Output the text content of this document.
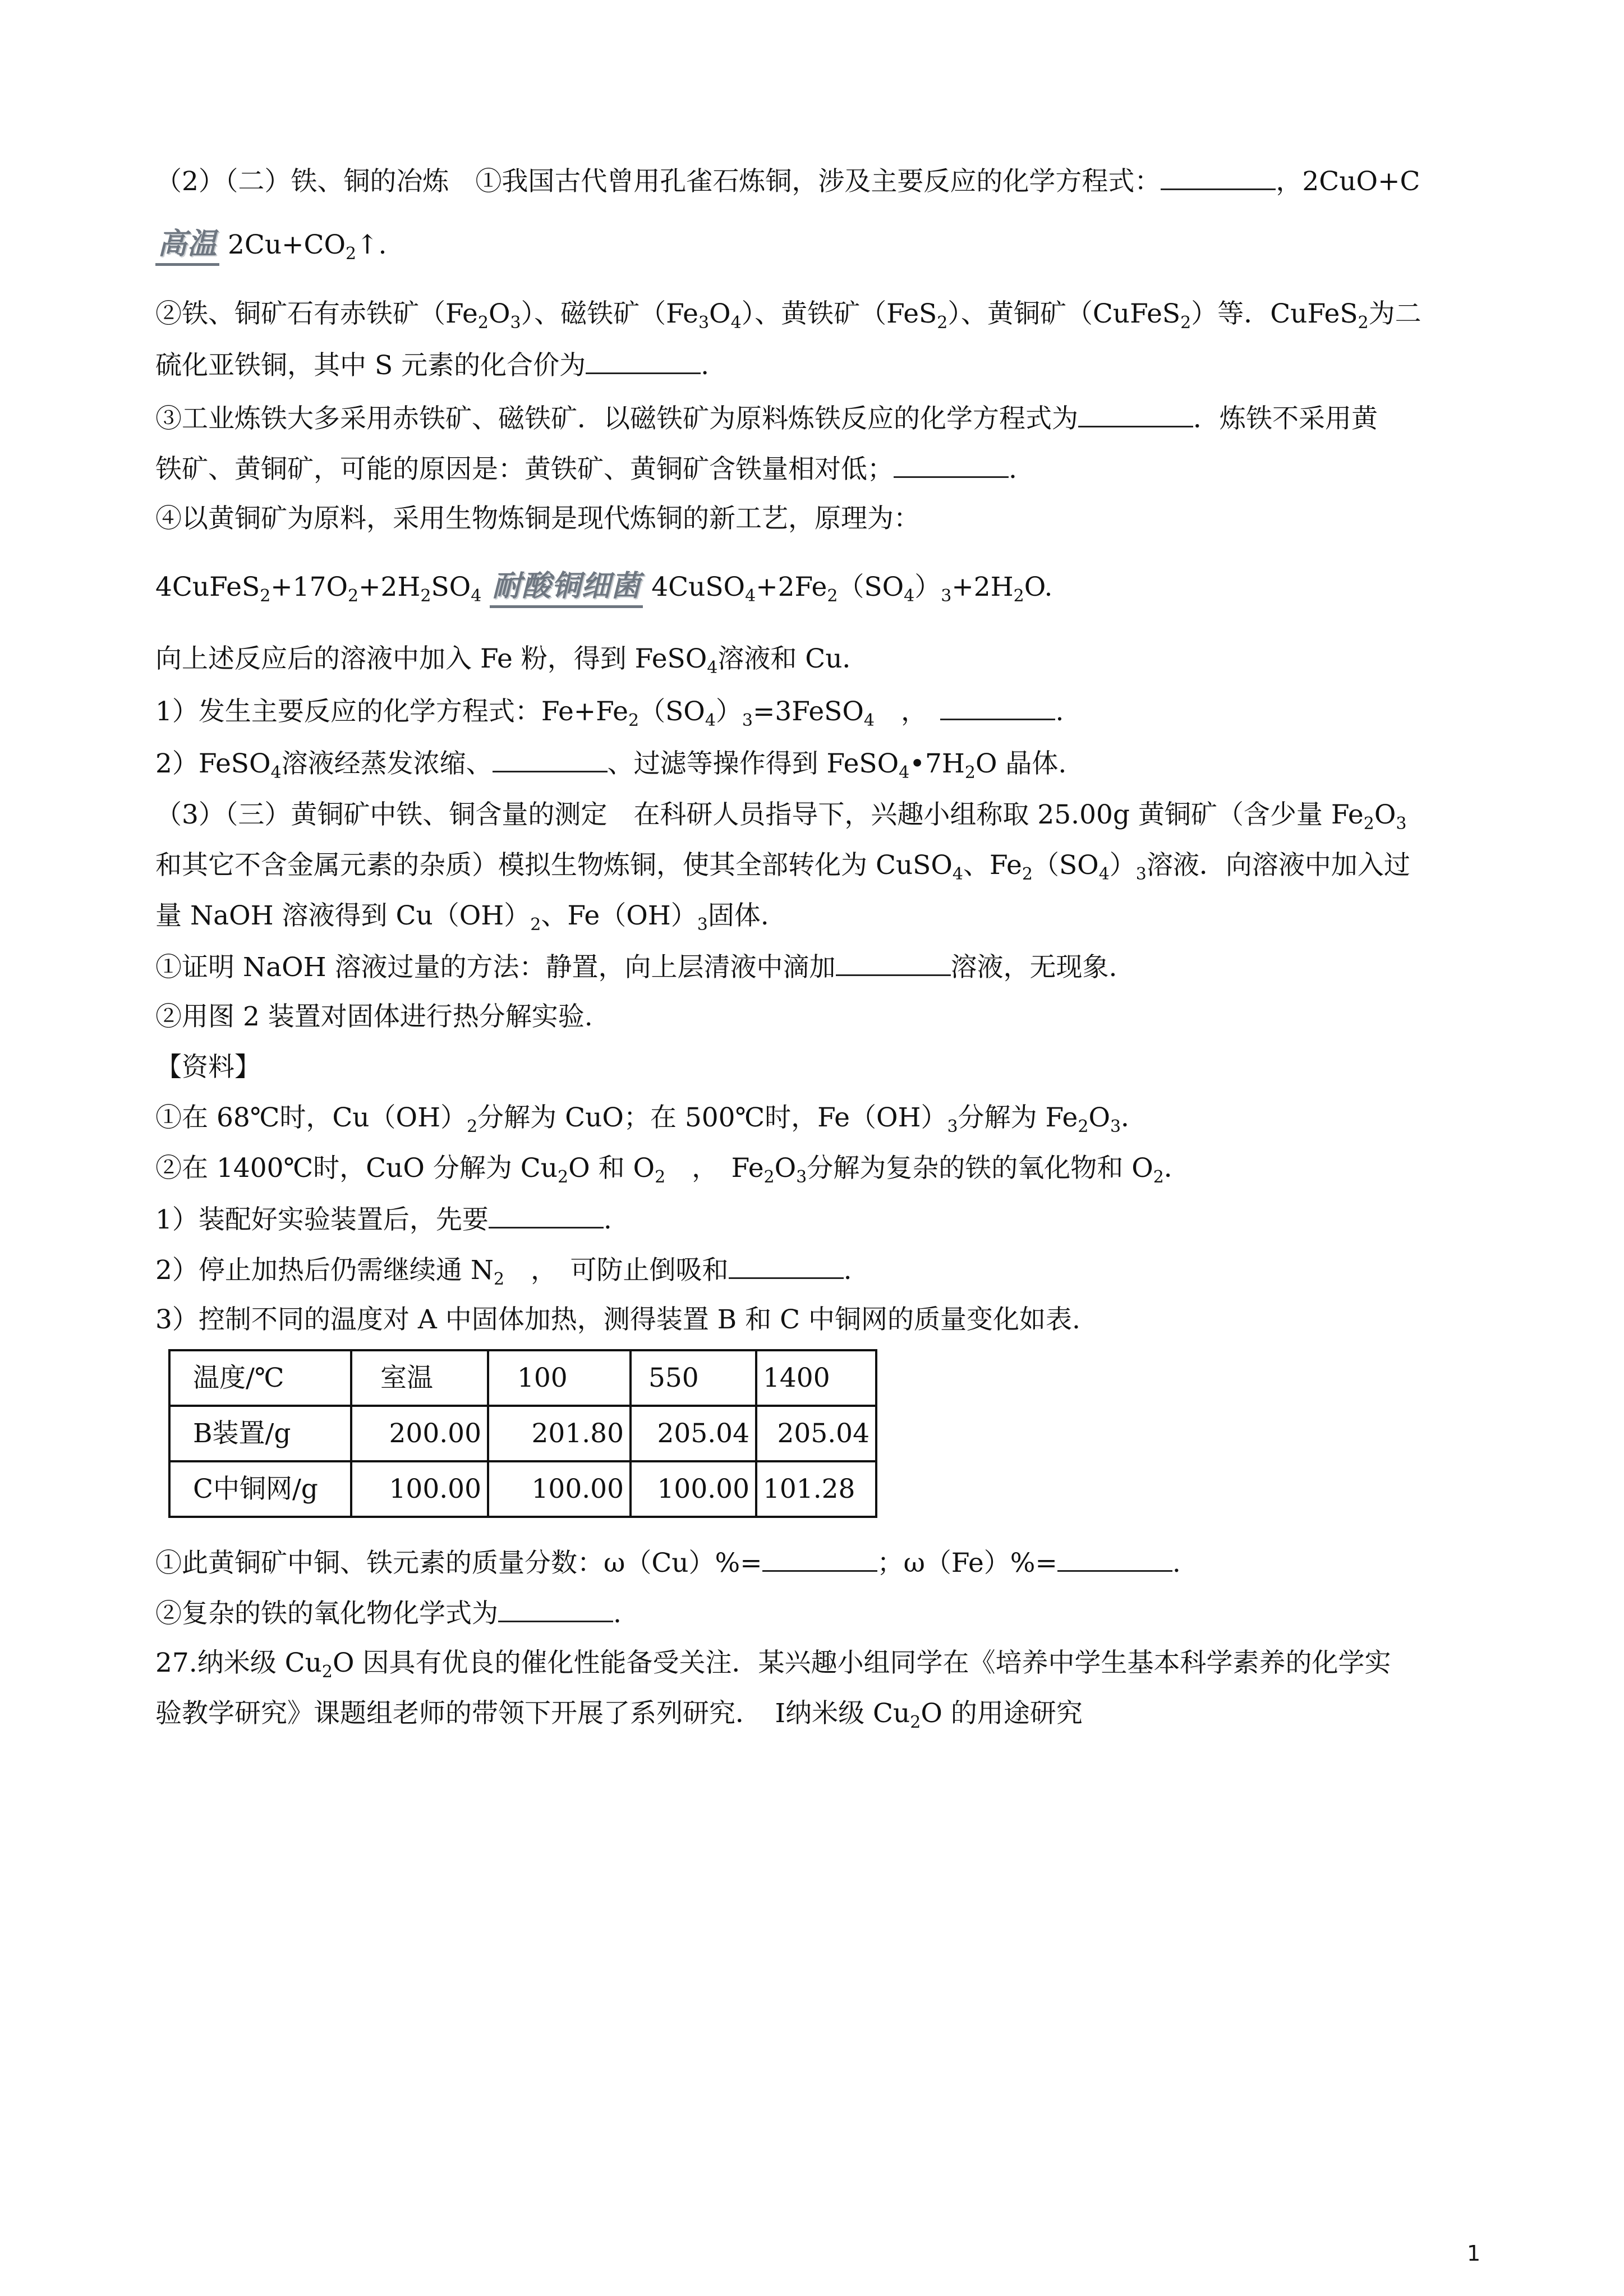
（2）（二）铁、铜的冶炼　①我国古代曾用孔雀石炼铜，涉及主要反应的化学方程式：	，2CuO+C
高温 $2Cu+CO_2↑$.
②铁、铜矿石有赤铁矿$(Fe_2O_3)$、磁铁矿$(Fe_3O_4)$、黄铁矿（FeS$_2$）、黄铜矿（CuFeS$_2$）等．CuFeS$_2$为二
硫化亚铁铜，其中 S 元素的化合价为	.
③工业炼铁大多采用赤铁矿、磁铁矿．以磁铁矿为原料炼铁反应的化学方程式为	．炼铁不采用黄
铁矿、黄铜矿，可能的原因是：黄铁矿、黄铜矿含铁量相对低；	.
④以黄铜矿为原料，采用生物炼铜是现代炼铜的新工艺，原理为：
$4CuFeS_2+17O_2+2H_2SO_4$ 耐酸铜细菌 $4CuSO_4+2Fe_2(SO_4)_3+2H_2O$.
向上述反应后的溶液中加入 Fe 粉，得到 FeSO$_4$溶液和 Cu．
1）发生主要反应的化学方程式：$Fe+Fe_2(SO_4)_3=3FeSO_4$　，　	.
2）FeSO$_4$溶液经蒸发浓缩、	、过滤等操作得到 $FeSO_4•7H_2O$ 晶体.
（3）（三）黄铜矿中铁、铜含量的测定　在科研人员指导下，兴趣小组称取 25.00g 黄铜矿（含少量 $Fe_2O_3$
和其它不含金属元素的杂质）模拟生物炼铜，使其全部转化为 CuSO$_4$、$Fe_2(SO_4)_3$溶液．向溶液中加入过
量 NaOH 溶液得到 $Cu(OH)_2$、$Fe(OH)_3$固体.
①证明 NaOH 溶液过量的方法：静置，向上层清液中滴加	溶液，无现象.
②用图 2 装置对固体进行热分解实验.
【资料】
①在 68℃时，$Cu(OH)_2$分解为 CuO；在 500℃时，$Fe(OH)_3$分解为 $Fe_2O_3$．
②在 1400℃时，CuO 分解为 $Cu_2O$ 和 $O_2$　，　$Fe_2O_3$分解为复杂的铁的氧化物和 $O_2$．
1）装配好实验装置后，先要	.
2）停止加热后仍需继续通 $N_2$　，　可防止倒吸和	.
3）控制不同的温度对 A 中固体加热，测得装置 B 和 C 中铜网的质量变化如表.
温度/℃	室温	100	550	1400
B装置/g	200.00	201.80	205.04	205.04
C中铜网/g	100.00	100.00	100.00	101.28
①此黄铜矿中铜、铁元素的质量分数：ω（Cu）%=	；ω（Fe）%=	.
②复杂的铁的氧化物化学式为	.
27.纳米级 $Cu_2O$ 因具有优良的催化性能备受关注．某兴趣小组同学在《培养中学生基本科学素养的化学实
验教学研究》课题组老师的带领下开展了系列研究．　Ⅰ纳米级 $Cu_2O$ 的用途研究
1
